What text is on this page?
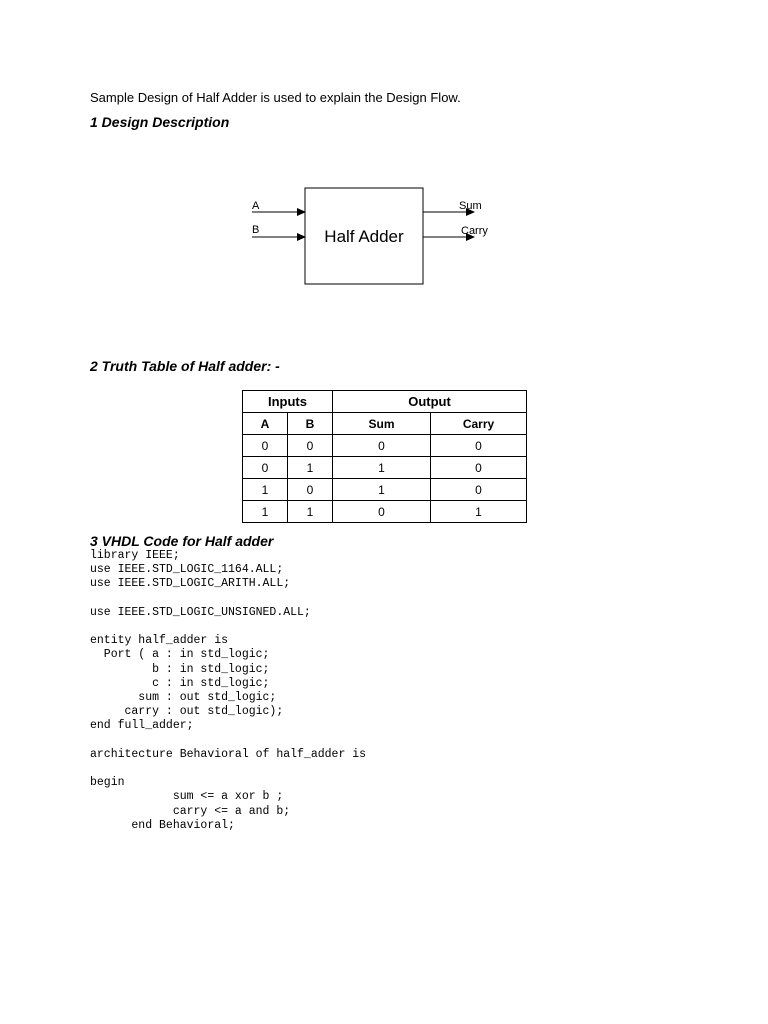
Sample Design of Half Adder is used to explain the Design Flow.
1 Design Description
Half Adder
A
B
Sum
Carry
2 Truth Table of Half adder: -
Inputs		Output	
A	B	Sum	Carry
0	0	0	0
0	1	1	0
1	0	1	0
1	1	0	1
3 VHDL Code for Half adder
library IEEE;
use IEEE.STD_LOGIC_1164.ALL;
use IEEE.STD_LOGIC_ARITH.ALL;

use IEEE.STD_LOGIC_UNSIGNED.ALL;

entity half_adder is
Port ( a : in std_logic;
b : in std_logic;
c : in std_logic;
sum : out std_logic;
carry : out std_logic);
end full_adder;

architecture Behavioral of half_adder is

begin
sum <= a xor b ;
carry <= a and b;
end Behavioral;
